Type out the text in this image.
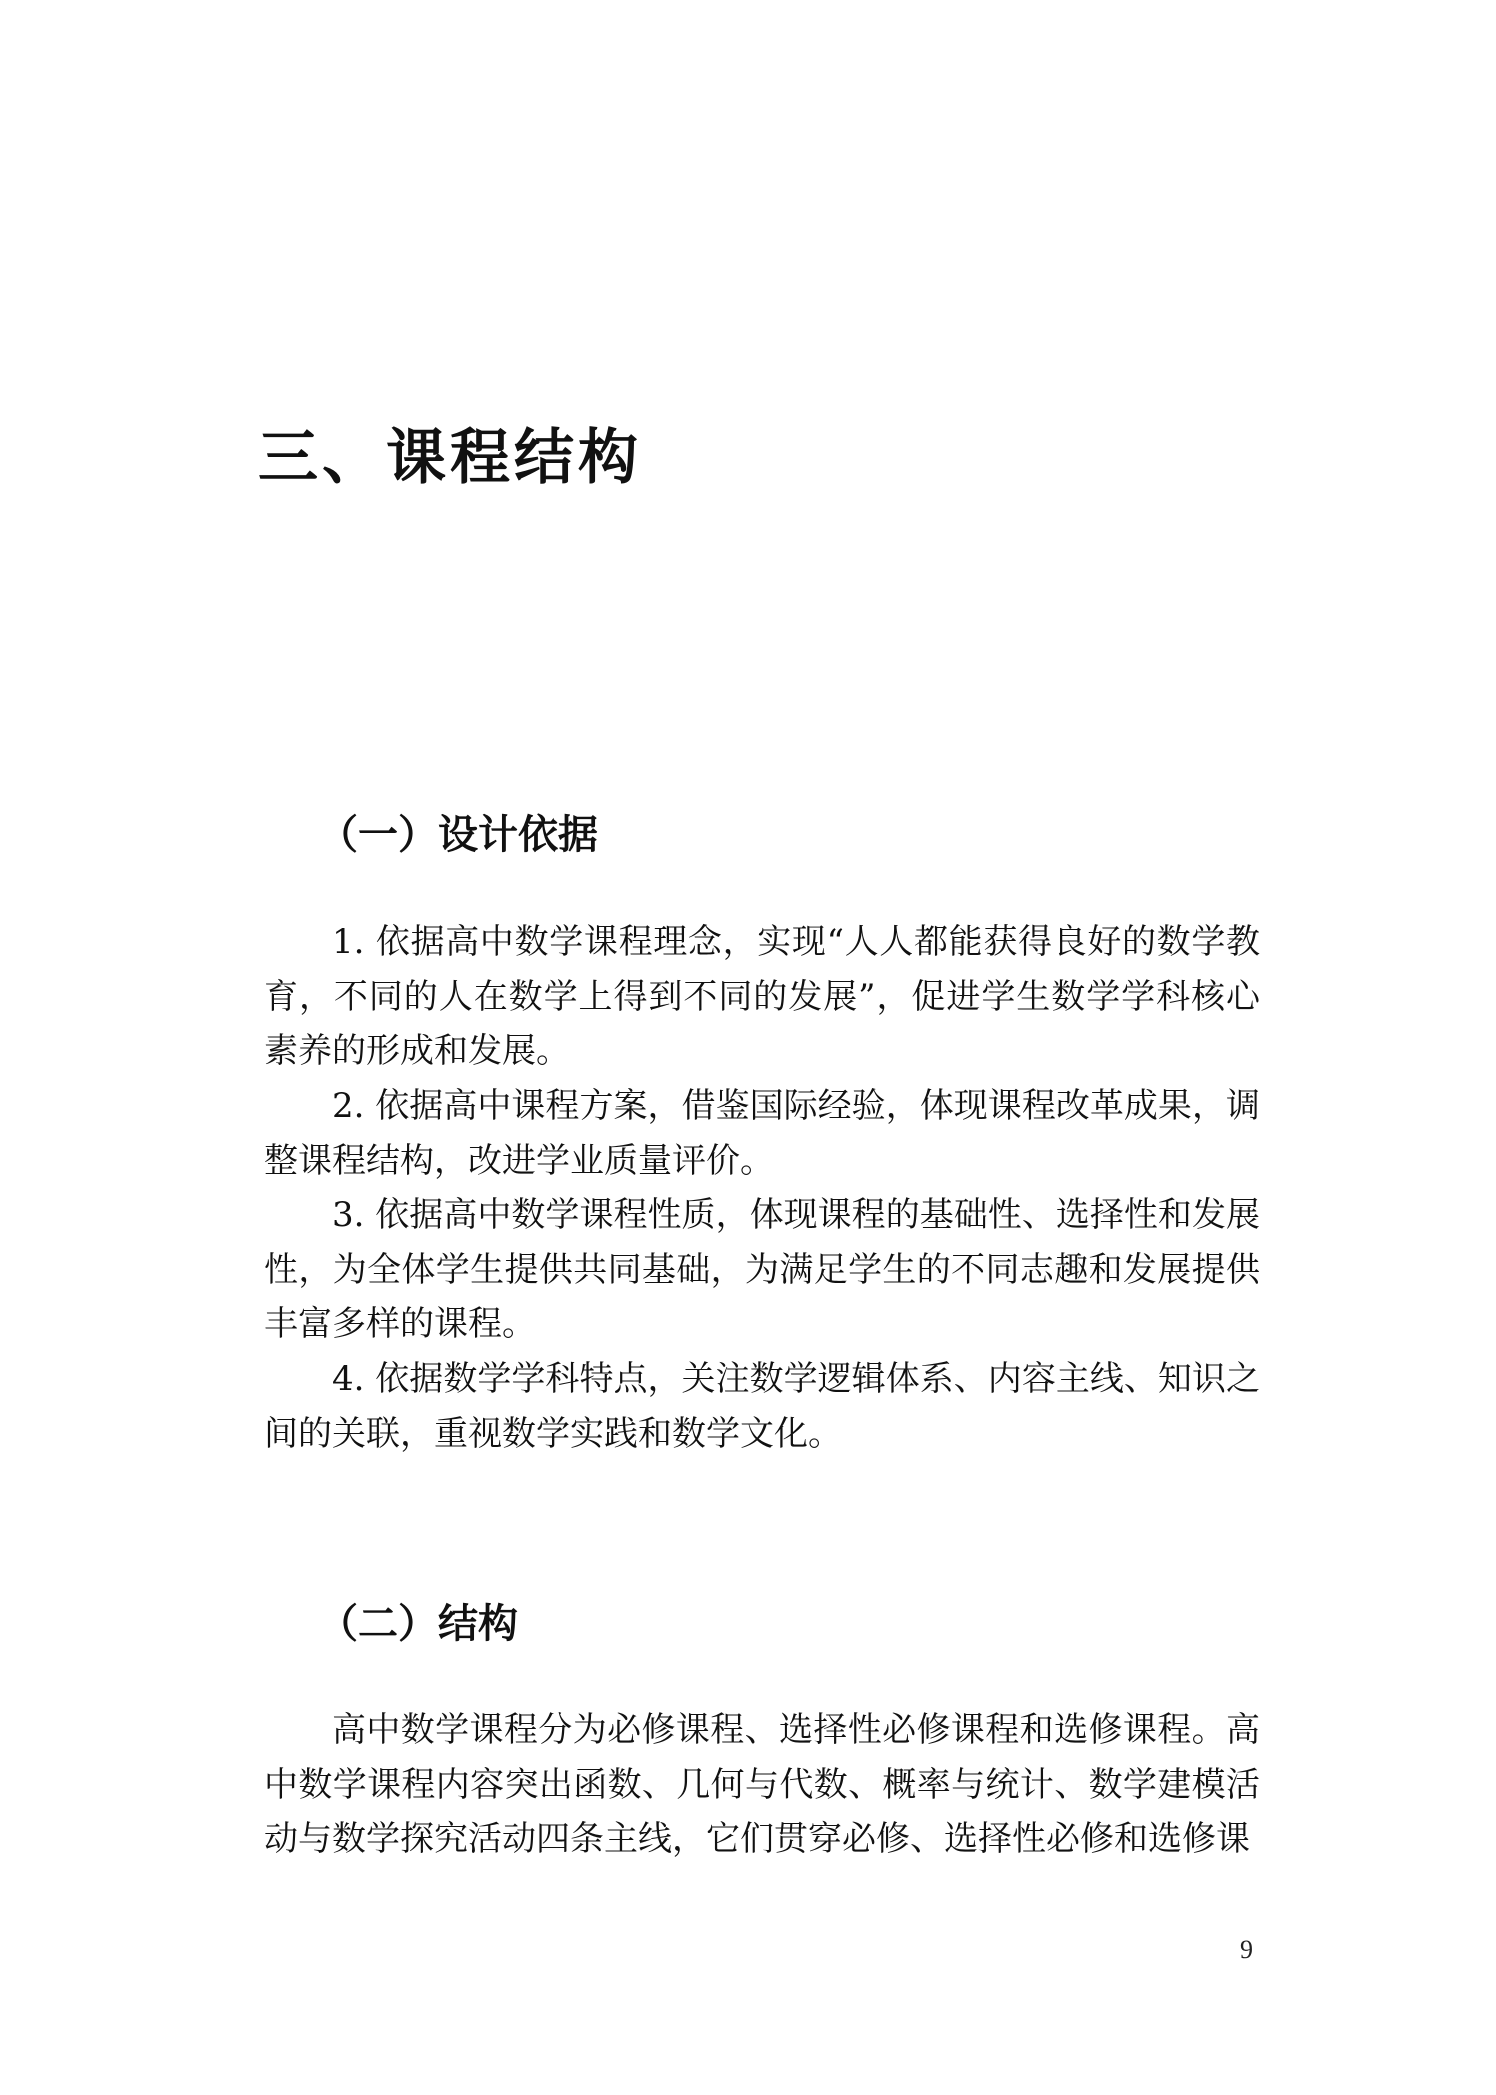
三、课程结构
（一）设计依据

1. 依据高中数学课程理念，实现“人人都能获得良好的数学教育，不同的人在数学上得到不同的发展”，促进学生数学学科核心素养的形成和发展。

2. 依据高中课程方案，借鉴国际经验，体现课程改革成果，调整课程结构，改进学业质量评价。

3. 依据高中数学课程性质，体现课程的基础性、选择性和发展性，为全体学生提供共同基础，为满足学生的不同志趣和发展提供丰富多样的课程。

4. 依据数学学科特点，关注数学逻辑体系、内容主线、知识之间的关联，重视数学实践和数学文化。

（二）结构

高中数学课程分为必修课程、选择性必修课程和选修课程。高中数学课程内容突出函数、几何与代数、概率与统计、数学建模活动与数学探究活动四条主线，它们贯穿必修、选择性必修和选修课

9
